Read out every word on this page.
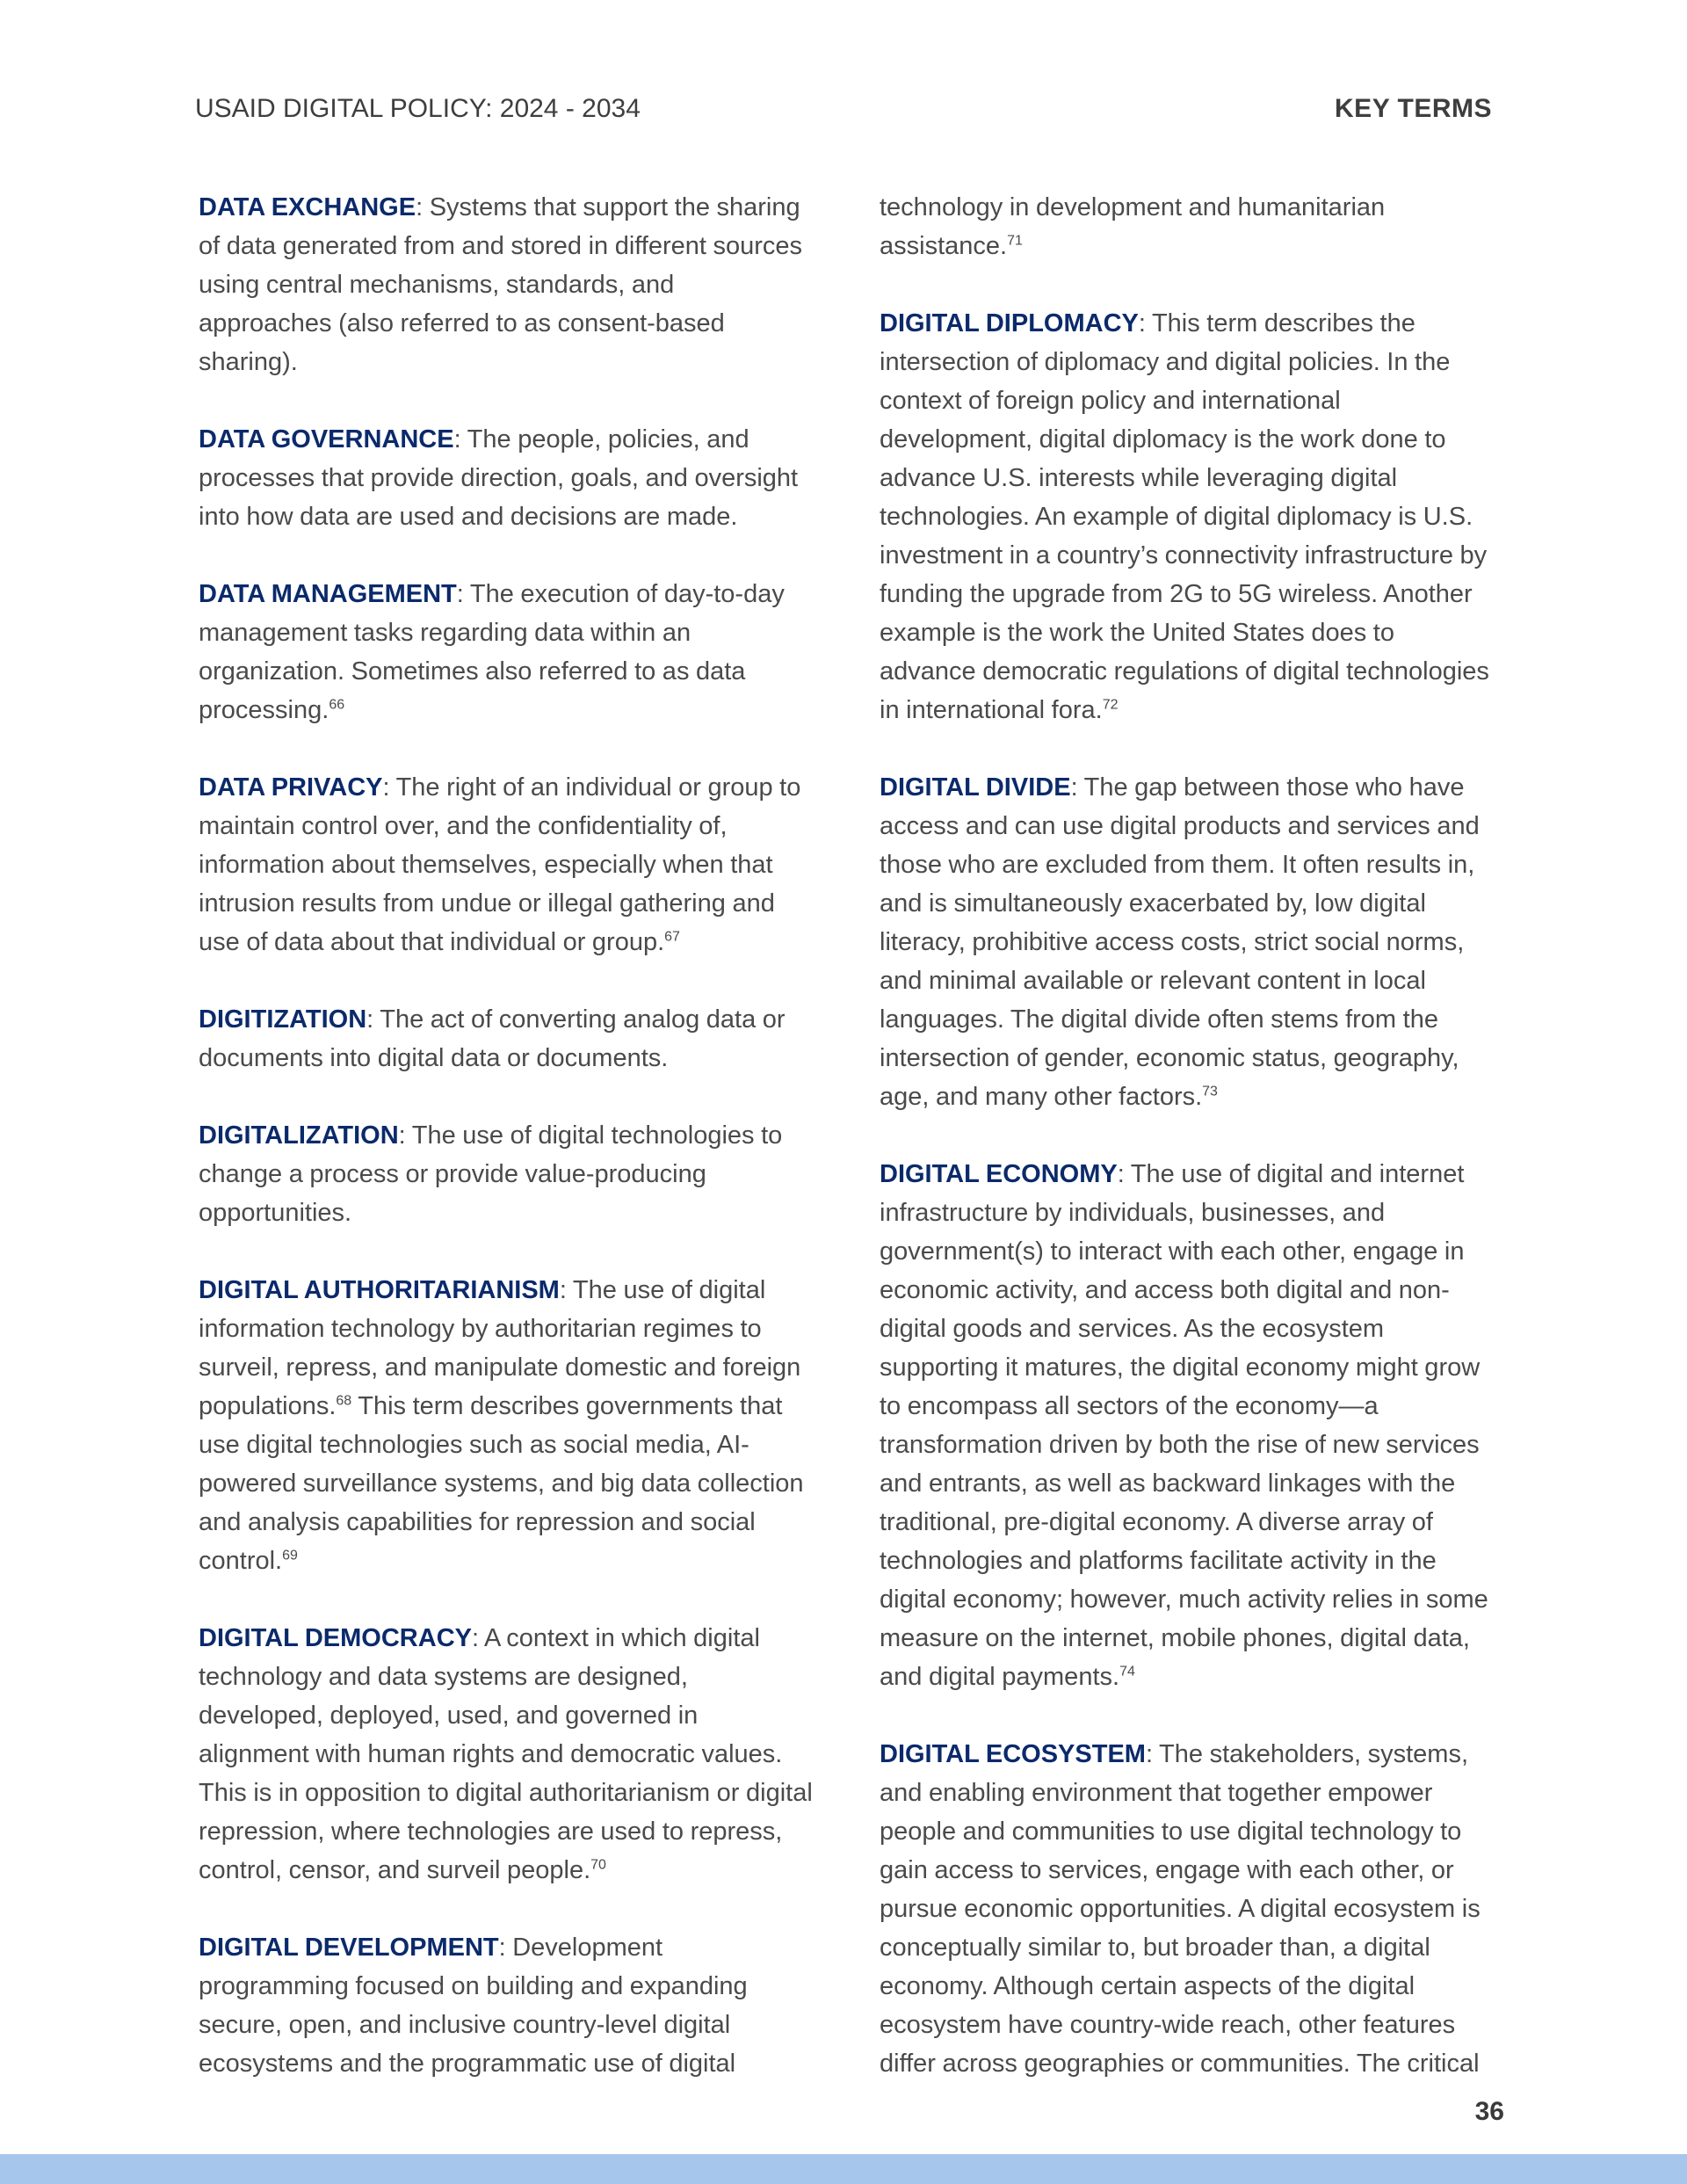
USAID DIGITAL POLICY: 2024 - 2034	KEY TERMS

DATA EXCHANGE: Systems that support the sharing of data generated from and stored in different sources using central mechanisms, standards, and approaches (also referred to as consent-based sharing).

DATA GOVERNANCE: The people, policies, and processes that provide direction, goals, and oversight into how data are used and decisions are made.

DATA MANAGEMENT: The execution of day-to-day management tasks regarding data within an organization. Sometimes also referred to as data processing.$^{66}$

DATA PRIVACY: The right of an individual or group to maintain control over, and the confidentiality of, information about themselves, especially when that intrusion results from undue or illegal gathering and use of data about that individual or group.$^{67}$

DIGITIZATION: The act of converting analog data or documents into digital data or documents.

DIGITALIZATION: The use of digital technologies to change a process or provide value-producing opportunities.

DIGITAL AUTHORITARIANISM: The use of digital information technology by authoritarian regimes to surveil, repress, and manipulate domestic and foreign populations.$^{68}$ This term describes governments that use digital technologies such as social media, AI-powered surveillance systems, and big data collection and analysis capabilities for repression and social control.$^{69}$

DIGITAL DEMOCRACY: A context in which digital technology and data systems are designed, developed, deployed, used, and governed in alignment with human rights and democratic values. This is in opposition to digital authoritarianism or digital repression, where technologies are used to repress, control, censor, and surveil people.$^{70}$

DIGITAL DEVELOPMENT: Development programming focused on building and expanding secure, open, and inclusive country-level digital ecosystems and the programmatic use of digital

technology in development and humanitarian assistance.$^{71}$

DIGITAL DIPLOMACY: This term describes the intersection of diplomacy and digital policies. In the context of foreign policy and international development, digital diplomacy is the work done to advance U.S. interests while leveraging digital technologies. An example of digital diplomacy is U.S. investment in a country’s connectivity infrastructure by funding the upgrade from 2G to 5G wireless. Another example is the work the United States does to advance democratic regulations of digital technologies in international fora.$^{72}$

DIGITAL DIVIDE: The gap between those who have access and can use digital products and services and those who are excluded from them. It often results in, and is simultaneously exacerbated by, low digital literacy, prohibitive access costs, strict social norms, and minimal available or relevant content in local languages. The digital divide often stems from the intersection of gender, economic status, geography, age, and many other factors.$^{73}$

DIGITAL ECONOMY: The use of digital and internet infrastructure by individuals, businesses, and government(s) to interact with each other, engage in economic activity, and access both digital and non-digital goods and services. As the ecosystem supporting it matures, the digital economy might grow to encompass all sectors of the economy—a transformation driven by both the rise of new services and entrants, as well as backward linkages with the traditional, pre-digital economy. A diverse array of technologies and platforms facilitate activity in the digital economy; however, much activity relies in some measure on the internet, mobile phones, digital data, and digital payments.$^{74}$

DIGITAL ECOSYSTEM: The stakeholders, systems, and enabling environment that together empower people and communities to use digital technology to gain access to services, engage with each other, or pursue economic opportunities. A digital ecosystem is conceptually similar to, but broader than, a digital economy. Although certain aspects of the digital ecosystem have country-wide reach, other features differ across geographies or communities. The critical

36
